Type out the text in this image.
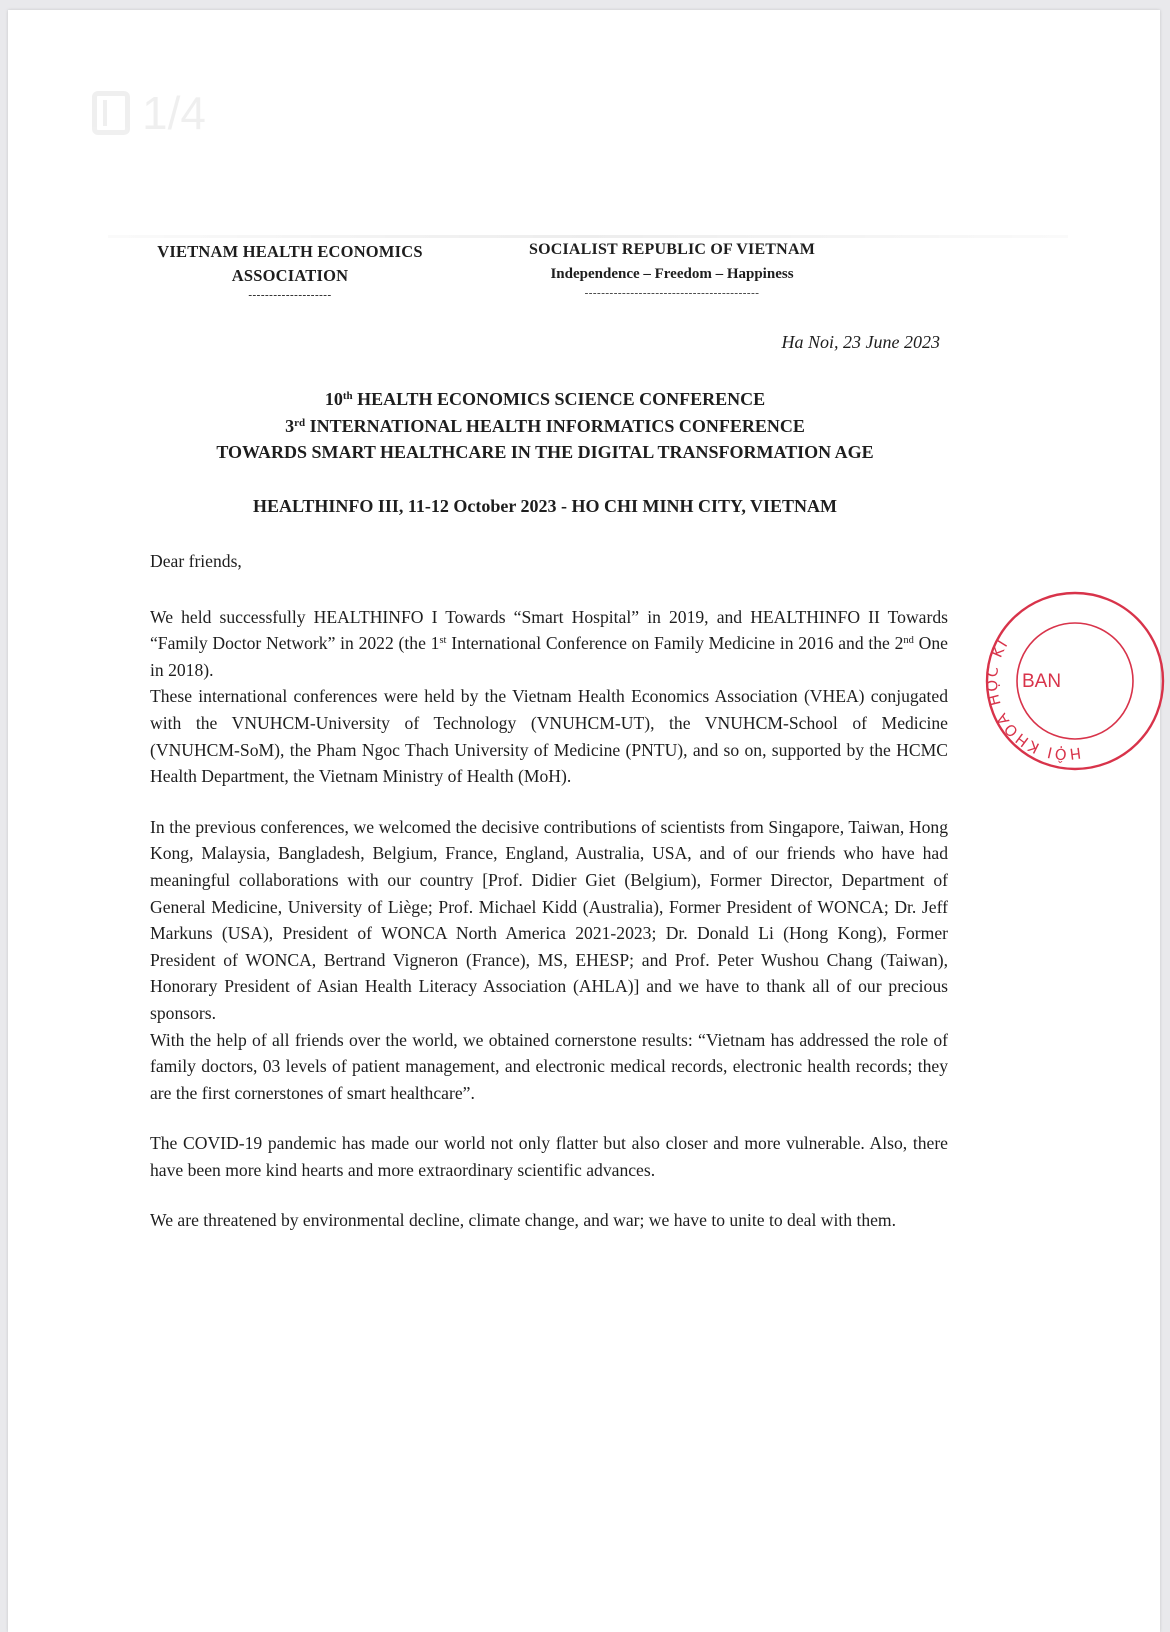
1/4
VIETNAM HEALTH ECONOMICS
ASSOCIATION
--------------------
SOCIALIST REPUBLIC OF VIETNAM
Independence – Freedom – Happiness
------------------------------------------
Ha Noi, 23 June 2023
10th HEALTH ECONOMICS SCIENCE CONFERENCE
3rd INTERNATIONAL HEALTH INFORMATICS CONFERENCE
TOWARDS SMART HEALTHCARE IN THE DIGITAL TRANSFORMATION AGE
HEALTHINFO III, 11-12 October 2023 - HO CHI MINH CITY, VIETNAM

Dear friends,

We held successfully HEALTHINFO I Towards “Smart Hospital” in 2019, and HEALTHINFO II Towards “Family Doctor Network” in 2022 (the 1st International Conference on Family Medicine in 2016 and the 2nd One in 2018).

These international conferences were held by the Vietnam Health Economics Association (VHEA) conjugated with the VNUHCM-University of Technology (VNUHCM-UT), the VNUHCM-School of Medicine (VNUHCM-SoM), the Pham Ngoc Thach University of Medicine (PNTU), and so on, supported by the HCMC Health Department, the Vietnam Ministry of Health (MoH).

In the previous conferences, we welcomed the decisive contributions of scientists from Singapore, Taiwan, Hong Kong, Malaysia, Bangladesh, Belgium, France, England, Australia, USA, and of our friends who have had meaningful collaborations with our country [Prof. Didier Giet (Belgium), Former Director, Department of General Medicine, University of Liège; Prof. Michael Kidd (Australia), Former President of WONCA; Dr. Jeff Markuns (USA), President of WONCA North America 2021-2023; Dr. Donald Li (Hong Kong), Former President of WONCA, Bertrand Vigneron (France), MS, EHESP; and Prof. Peter Wushou Chang (Taiwan), Honorary President of Asian Health Literacy Association (AHLA)] and we have to thank all of our precious sponsors.

With the help of all friends over the world, we obtained cornerstone results: “Vietnam has addressed the role of family doctors, 03 levels of patient management, and electronic medical records, electronic health records; they are the first cornerstones of smart healthcare”.

The COVID-19 pandemic has made our world not only flatter but also closer and more vulnerable. Also, there have been more kind hearts and more extraordinary scientific advances.

We are threatened by environmental decline, climate change, and war; we have to unite to deal with them.

HỘI KHOA HỌC KI
BAN
